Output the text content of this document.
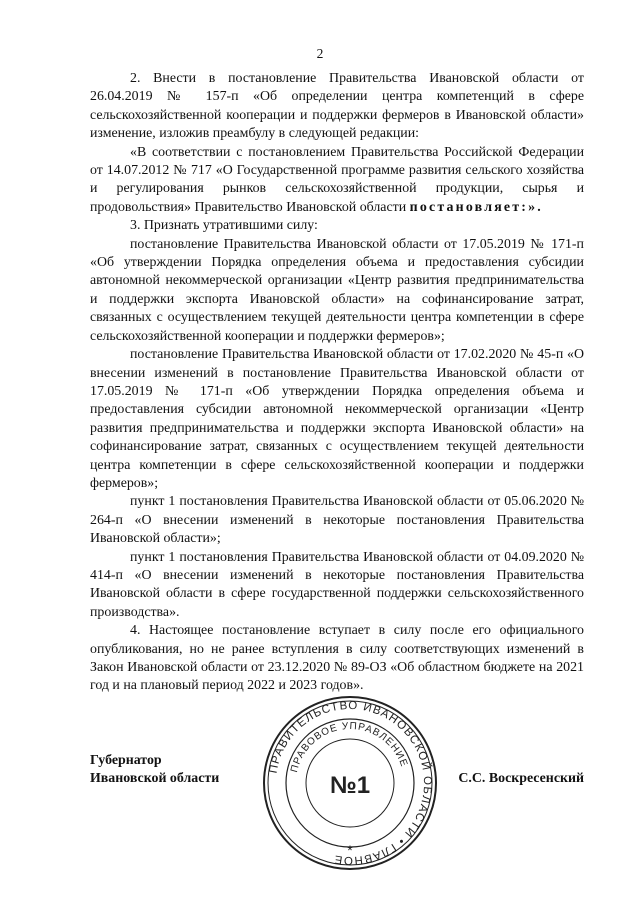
2

2. Внести в постановление Правительства Ивановской области от 26.04.2019 № 157-п «Об определении центра компетенций в сфере сельскохозяйственной кооперации и поддержки фермеров в Ивановской области» изменение, изложив преамбулу в следующей редакции:

«В соответствии с постановлением Правительства Российской Федерации от 14.07.2012 № 717 «О Государственной программе развития сельского хозяйства и регулирования рынков сельскохозяйственной продукции, сырья и продовольствия» Правительство Ивановской области постановляет:».

3. Признать утратившими силу:

постановление Правительства Ивановской области от 17.05.2019 № 171-п «Об утверждении Порядка определения объема и предоставления субсидии автономной некоммерческой организации «Центр развития предпринимательства и поддержки экспорта Ивановской области» на софинансирование затрат, связанных с осуществлением текущей деятельности центра компетенции в сфере сельскохозяйственной кооперации и поддержки фермеров»;

постановление Правительства Ивановской области от 17.02.2020 № 45-п «О внесении изменений в постановление Правительства Ивановской области от 17.05.2019 № 171-п «Об утверждении Порядка определения объема и предоставления субсидии автономной некоммерческой организации «Центр развития предпринимательства и поддержки экспорта Ивановской области» на софинансирование затрат, связанных с осуществлением текущей деятельности центра компетенции в сфере сельскохозяйственной кооперации и поддержки фермеров»;

пункт 1 постановления Правительства Ивановской области от 05.06.2020 № 264-п «О внесении изменений в некоторые постановления Правительства Ивановской области»;

пункт 1 постановления Правительства Ивановской области от 04.09.2020 № 414-п «О внесении изменений в некоторые постановления Правительства Ивановской области в сфере государственной поддержки сельскохозяйственного производства».

4. Настоящее постановление вступает в силу после его официального опубликования, но не ранее вступления в силу соответствующих изменений в Закон Ивановской области от 23.12.2020 № 89-ОЗ «Об областном бюджете на 2021 год и на плановый период 2022 и 2023 годов».

Губернатор
Ивановской области	С.С. Воскресенский
ПРАВИТЕЛЬСТВО ИВАНОВСКОЙ ОБЛАСТИ • ГЛАВНОЕ
ПРАВОВОЕ УПРАВЛЕНИЕ
№1
*
